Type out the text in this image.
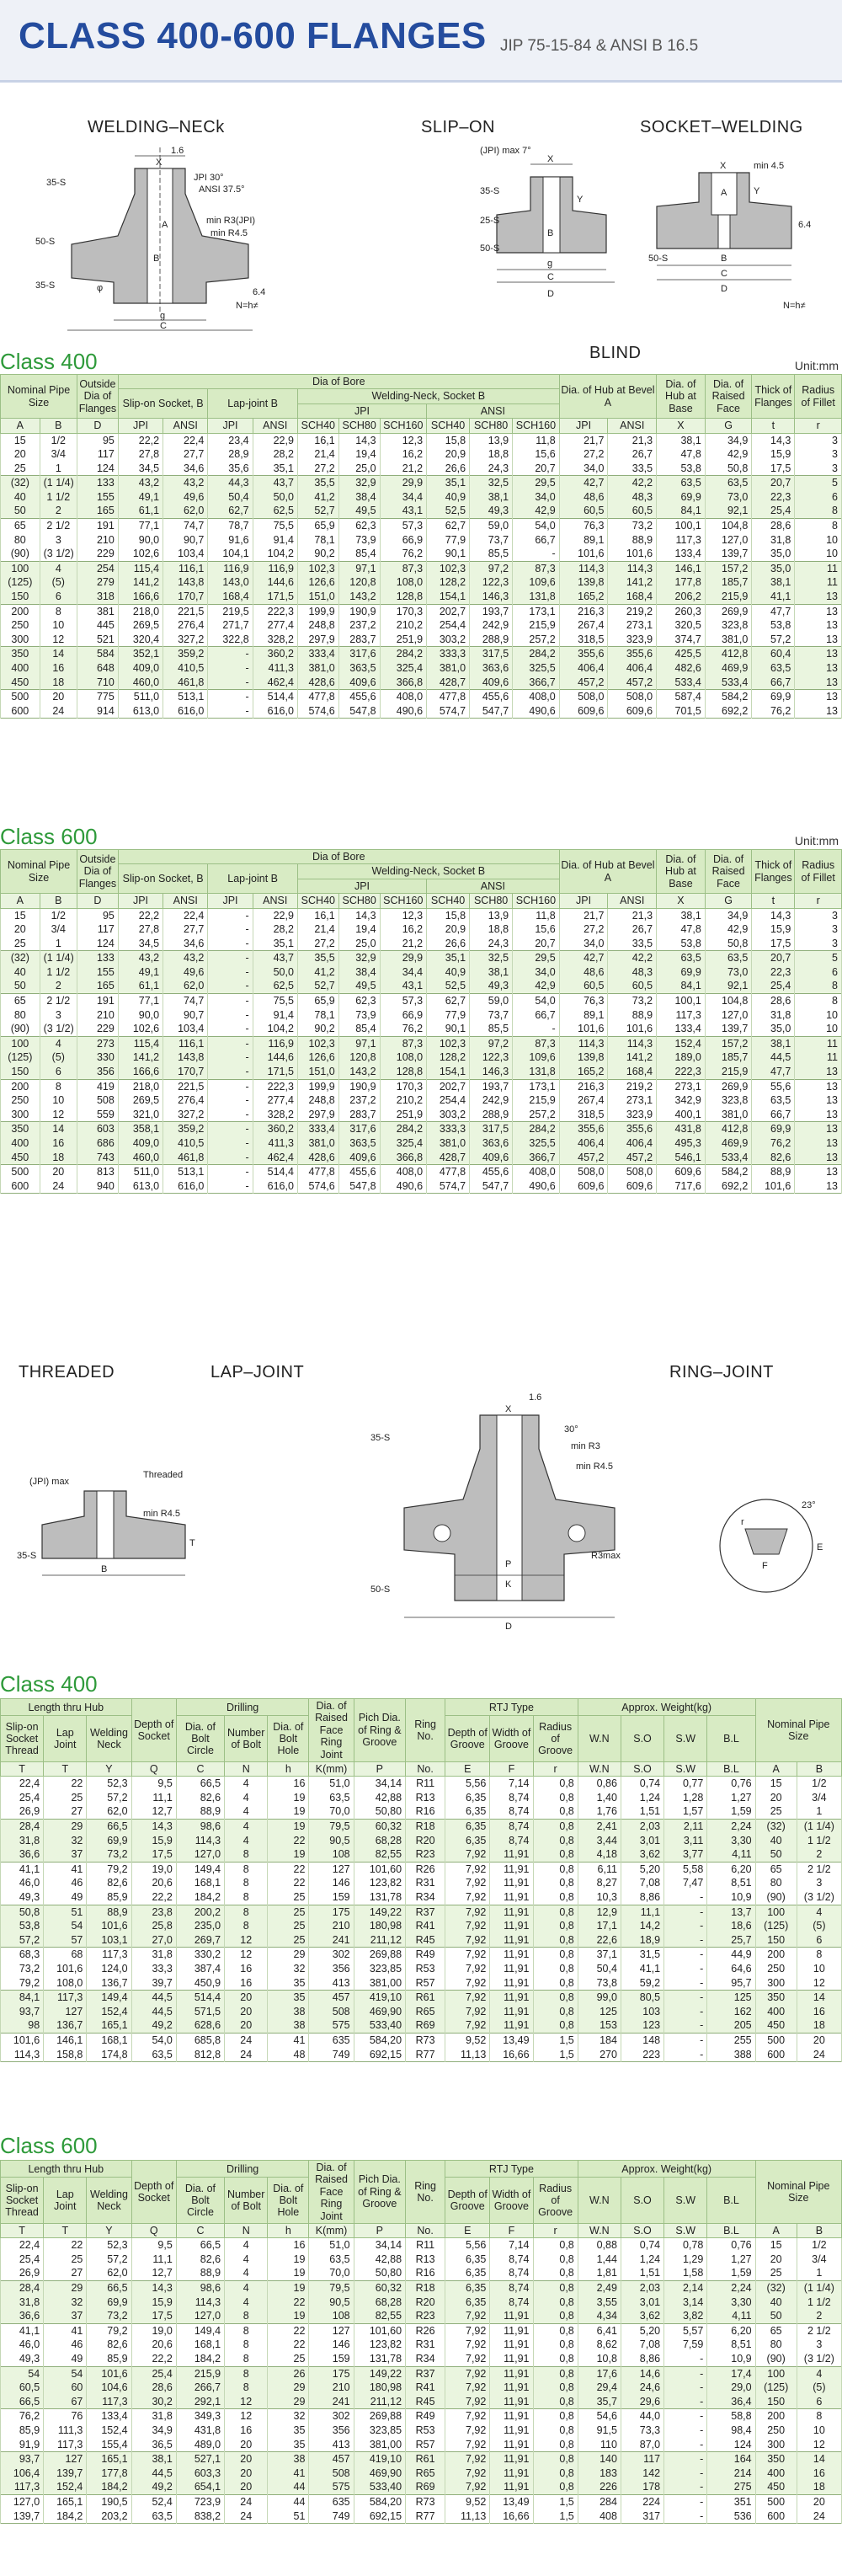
CLASS 400-600 FLANGES JIP 75-15-84 & ANSI B 16.5
WELDING–NECk	SLIP–ON	SOCKET–WELDING
BLIND
1.6
X
JPI 30°
ANSI 37.5°
min R3(JPI)
min R4.5
6.4
N=h≠
50-S
35-S
35-S
A
B
φ
g
C
(JPI) max 7°
X
Y
B
g
C
D
35-S
50-S
25-S
min 4.5
6.4
Y
X
B
A
D
C
N=h≠
50-S
Class 400	Unit:mm
Nominal Pipe Size		Outside Dia of Flanges	Dia of Bore										Dia. of Hub at Bevel A		Dia. of Hub at Base	Dia. of Raised Face	Thick of Flanges	Radius of Fillet
			Slip-on Socket, B		Lap-joint B		Welding-Neck, Socket B											
							JPI			ANSI								
A	B	D	JPI	ANSI	JPI	ANSI	SCH40	SCH80	SCH160	SCH40	SCH80	SCH160	JPI	ANSI	X	G	t	r
15	1/2	95	22,2	22,4	23,4	22,9	16,1	14,3	12,3	15,8	13,9	11,8	21,7	21,3	38,1	34,9	14,3	3
20	3/4	117	27,8	27,7	28,9	28,2	21,4	19,4	16,2	20,9	18,8	15,6	27,2	26,7	47,8	42,9	15,9	3
25	1	124	34,5	34,6	35,6	35,1	27,2	25,0	21,2	26,6	24,3	20,7	34,0	33,5	53,8	50,8	17,5	3
(32)	(1 1/4)	133	43,2	43,2	44,3	43,7	35,5	32,9	29,9	35,1	32,5	29,5	42,7	42,2	63,5	63,5	20,7	5
40	1 1/2	155	49,1	49,6	50,4	50,0	41,2	38,4	34,4	40,9	38,1	34,0	48,6	48,3	69,9	73,0	22,3	6
50	2	165	61,1	62,0	62,7	62,5	52,7	49,5	43,1	52,5	49,3	42,9	60,5	60,5	84,1	92,1	25,4	8
65	2 1/2	191	77,1	74,7	78,7	75,5	65,9	62,3	57,3	62,7	59,0	54,0	76,3	73,2	100,1	104,8	28,6	8
80	3	210	90,0	90,7	91,6	91,4	78,1	73,9	66,9	77,9	73,7	66,7	89,1	88,9	117,3	127,0	31,8	10
(90)	(3 1/2)	229	102,6	103,4	104,1	104,2	90,2	85,4	76,2	90,1	85,5	-	101,6	101,6	133,4	139,7	35,0	10
100	4	254	115,4	116,1	116,9	116,9	102,3	97,1	87,3	102,3	97,2	87,3	114,3	114,3	146,1	157,2	35,0	11
(125)	(5)	279	141,2	143,8	143,0	144,6	126,6	120,8	108,0	128,2	122,3	109,6	139,8	141,2	177,8	185,7	38,1	11
150	6	318	166,6	170,7	168,4	171,5	151,0	143,2	128,8	154,1	146,3	131,8	165,2	168,4	206,2	215,9	41,1	13
200	8	381	218,0	221,5	219,5	222,3	199,9	190,9	170,3	202,7	193,7	173,1	216,3	219,2	260,3	269,9	47,7	13
250	10	445	269,5	276,4	271,7	277,4	248,8	237,2	210,2	254,4	242,9	215,9	267,4	273,1	320,5	323,8	53,8	13
300	12	521	320,4	327,2	322,8	328,2	297,9	283,7	251,9	303,2	288,9	257,2	318,5	323,9	374,7	381,0	57,2	13
350	14	584	352,1	359,2	-	360,2	333,4	317,6	284,2	333,3	317,5	284,2	355,6	355,6	425,5	412,8	60,4	13
400	16	648	409,0	410,5	-	411,3	381,0	363,5	325,4	381,0	363,6	325,5	406,4	406,4	482,6	469,9	63,5	13
450	18	710	460,0	461,8	-	462,4	428,6	409,6	366,8	428,7	409,6	366,7	457,2	457,2	533,4	533,4	66,7	13
500	20	775	511,0	513,1	-	514,4	477,8	455,6	408,0	477,8	455,6	408,0	508,0	508,0	587,4	584,2	69,9	13
600	24	914	613,0	616,0	-	616,0	574,6	547,8	490,6	574,7	547,7	490,6	609,6	609,6	701,5	692,2	76,2	13
Class 600	Unit:mm
Nominal Pipe Size		Outside Dia of Flanges	Dia of Bore										Dia. of Hub at Bevel A		Dia. of Hub at Base	Dia. of Raised Face	Thick of Flanges	Radius of Fillet
			Slip-on Socket, B		Lap-joint B		Welding-Neck, Socket B											
							JPI			ANSI								
A	B	D	JPI	ANSI	JPI	ANSI	SCH40	SCH80	SCH160	SCH40	SCH80	SCH160	JPI	ANSI	X	G	t	r
15	1/2	95	22,2	22,4	-	22,9	16,1	14,3	12,3	15,8	13,9	11,8	21,7	21,3	38,1	34,9	14,3	3
20	3/4	117	27,8	27,7	-	28,2	21,4	19,4	16,2	20,9	18,8	15,6	27,2	26,7	47,8	42,9	15,9	3
25	1	124	34,5	34,6	-	35,1	27,2	25,0	21,2	26,6	24,3	20,7	34,0	33,5	53,8	50,8	17,5	3
(32)	(1 1/4)	133	43,2	43,2	-	43,7	35,5	32,9	29,9	35,1	32,5	29,5	42,7	42,2	63,5	63,5	20,7	5
40	1 1/2	155	49,1	49,6	-	50,0	41,2	38,4	34,4	40,9	38,1	34,0	48,6	48,3	69,9	73,0	22,3	6
50	2	165	61,1	62,0	-	62,5	52,7	49,5	43,1	52,5	49,3	42,9	60,5	60,5	84,1	92,1	25,4	8
65	2 1/2	191	77,1	74,7	-	75,5	65,9	62,3	57,3	62,7	59,0	54,0	76,3	73,2	100,1	104,8	28,6	8
80	3	210	90,0	90,7	-	91,4	78,1	73,9	66,9	77,9	73,7	66,7	89,1	88,9	117,3	127,0	31,8	10
(90)	(3 1/2)	229	102,6	103,4	-	104,2	90,2	85,4	76,2	90,1	85,5	-	101,6	101,6	133,4	139,7	35,0	10
100	4	273	115,4	116,1	-	116,9	102,3	97,1	87,3	102,3	97,2	87,3	114,3	114,3	152,4	157,2	38,1	11
(125)	(5)	330	141,2	143,8	-	144,6	126,6	120,8	108,0	128,2	122,3	109,6	139,8	141,2	189,0	185,7	44,5	11
150	6	356	166,6	170,7	-	171,5	151,0	143,2	128,8	154,1	146,3	131,8	165,2	168,4	222,3	215,9	47,7	13
200	8	419	218,0	221,5	-	222,3	199,9	190,9	170,3	202,7	193,7	173,1	216,3	219,2	273,1	269,9	55,6	13
250	10	508	269,5	276,4	-	277,4	248,8	237,2	210,2	254,4	242,9	215,9	267,4	273,1	342,9	323,8	63,5	13
300	12	559	321,0	327,2	-	328,2	297,9	283,7	251,9	303,2	288,9	257,2	318,5	323,9	400,1	381,0	66,7	13
350	14	603	358,1	359,2	-	360,2	333,4	317,6	284,2	333,3	317,5	284,2	355,6	355,6	431,8	412,8	69,9	13
400	16	686	409,0	410,5	-	411,3	381,0	363,5	325,4	381,0	363,6	325,5	406,4	406,4	495,3	469,9	76,2	13
450	18	743	460,0	461,8	-	462,4	428,6	409,6	366,8	428,7	409,6	366,7	457,2	457,2	546,1	533,4	82,6	13
500	20	813	511,0	513,1	-	514,4	477,8	455,6	408,0	477,8	455,6	408,0	508,0	508,0	609,6	584,2	88,9	13
600	24	940	613,0	616,0	-	616,0	574,6	547,8	490,6	574,7	547,7	490,6	609,6	609,6	717,6	692,2	101,6	13
THREADED	LAP–JOINT	RING–JOINT
(JPI) max
Threaded
min R4.5
35-S
B
T
1.6
30°
min R3
min R4.5
R3max
35-S
50-S
P
K
D
X
23°
F
E
r
Class 400
Length thru Hub			Depth of Socket	Drilling			Dia. of Raised Face Ring Joint	Pich Dia. of Ring & Groove	Ring No.	RTJ Type			Approx. Weight(kg)				Nominal Pipe Size	
Slip-on Socket Thread	Lap Joint	Welding Neck		Dia. of Bolt Circle	Number of Bolt	Dia. of Bolt Hole				Depth of Groove	Width of Groove	Radius of Groove	W.N	S.O	S.W	B.L		
T	T	Y	Q	C	N	h	K(mm)	P	No.	E	F	r	W.N	S.O	S.W	B.L	A	B
22,4	22	52,3	9,5	66,5	4	16	51,0	34,14	R11	5,56	7,14	0,8	0,86	0,74	0,77	0,76	15	1/2
25,4	25	57,2	11,1	82,6	4	19	63,5	42,88	R13	6,35	8,74	0,8	1,40	1,24	1,28	1,27	20	3/4
26,9	27	62,0	12,7	88,9	4	19	70,0	50,80	R16	6,35	8,74	0,8	1,76	1,51	1,57	1,59	25	1
28,4	29	66,5	14,3	98,6	4	19	79,5	60,32	R18	6,35	8,74	0,8	2,41	2,03	2,11	2,24	(32)	(1 1/4)
31,8	32	69,9	15,9	114,3	4	22	90,5	68,28	R20	6,35	8,74	0,8	3,44	3,01	3,11	3,30	40	1 1/2
36,6	37	73,2	17,5	127,0	8	19	108	82,55	R23	7,92	11,91	0,8	4,18	3,62	3,77	4,11	50	2
41,1	41	79,2	19,0	149,4	8	22	127	101,60	R26	7,92	11,91	0,8	6,11	5,20	5,58	6,20	65	2 1/2
46,0	46	82,6	20,6	168,1	8	22	146	123,82	R31	7,92	11,91	0,8	8,27	7,08	7,47	8,51	80	3
49,3	49	85,9	22,2	184,2	8	25	159	131,78	R34	7,92	11,91	0,8	10,3	8,86	-	10,9	(90)	(3 1/2)
50,8	51	88,9	23,8	200,2	8	25	175	149,22	R37	7,92	11,91	0,8	12,9	11,1	-	13,7	100	4
53,8	54	101,6	25,8	235,0	8	25	210	180,98	R41	7,92	11,91	0,8	17,1	14,2	-	18,6	(125)	(5)
57,2	57	103,1	27,0	269,7	12	25	241	211,12	R45	7,92	11,91	0,8	22,6	18,9	-	25,7	150	6
68,3	68	117,3	31,8	330,2	12	29	302	269,88	R49	7,92	11,91	0,8	37,1	31,5	-	44,9	200	8
73,2	101,6	124,0	33,3	387,4	16	32	356	323,85	R53	7,92	11,91	0,8	50,4	41,1	-	64,6	250	10
79,2	108,0	136,7	39,7	450,9	16	35	413	381,00	R57	7,92	11,91	0,8	73,8	59,2	-	95,7	300	12
84,1	117,3	149,4	44,5	514,4	20	35	457	419,10	R61	7,92	11,91	0,8	99,0	80,5	-	125	350	14
93,7	127	152,4	44,5	571,5	20	38	508	469,90	R65	7,92	11,91	0,8	125	103	-	162	400	16
98	136,7	165,1	49,2	628,6	20	38	575	533,40	R69	7,92	11,91	0,8	153	123	-	205	450	18
101,6	146,1	168,1	54,0	685,8	24	41	635	584,20	R73	9,52	13,49	1,5	184	148	-	255	500	20
114,3	158,8	174,8	63,5	812,8	24	48	749	692,15	R77	11,13	16,66	1,5	270	223	-	388	600	24
Class 600
Length thru Hub			Depth of Socket	Drilling			Dia. of Raised Face Ring Joint	Pich Dia. of Ring & Groove	Ring No.	RTJ Type			Approx. Weight(kg)				Nominal Pipe Size	
Slip-on Socket Thread	Lap Joint	Welding Neck		Dia. of Bolt Circle	Number of Bolt	Dia. of Bolt Hole				Depth of Groove	Width of Groove	Radius of Groove	W.N	S.O	S.W	B.L		
T	T	Y	Q	C	N	h	K(mm)	P	No.	E	F	r	W.N	S.O	S.W	B.L	A	B
22,4	22	52,3	9,5	66,5	4	16	51,0	34,14	R11	5,56	7,14	0,8	0,88	0,74	0,78	0,76	15	1/2
25,4	25	57,2	11,1	82,6	4	19	63,5	42,88	R13	6,35	8,74	0,8	1,44	1,24	1,29	1,27	20	3/4
26,9	27	62,0	12,7	88,9	4	19	70,0	50,80	R16	6,35	8,74	0,8	1,81	1,51	1,58	1,59	25	1
28,4	29	66,5	14,3	98,6	4	19	79,5	60,32	R18	6,35	8,74	0,8	2,49	2,03	2,14	2,24	(32)	(1 1/4)
31,8	32	69,9	15,9	114,3	4	22	90,5	68,28	R20	6,35	8,74	0,8	3,55	3,01	3,14	3,30	40	1 1/2
36,6	37	73,2	17,5	127,0	8	19	108	82,55	R23	7,92	11,91	0,8	4,34	3,62	3,82	4,11	50	2
41,1	41	79,2	19,0	149,4	8	22	127	101,60	R26	7,92	11,91	0,8	6,41	5,20	5,57	6,20	65	2 1/2
46,0	46	82,6	20,6	168,1	8	22	146	123,82	R31	7,92	11,91	0,8	8,62	7,08	7,59	8,51	80	3
49,3	49	85,9	22,2	184,2	8	25	159	131,78	R34	7,92	11,91	0,8	10,8	8,86	-	10,9	(90)	(3 1/2)
54	54	101,6	25,4	215,9	8	26	175	149,22	R37	7,92	11,91	0,8	17,6	14,6	-	17,4	100	4
60,5	60	104,6	28,6	266,7	8	29	210	180,98	R41	7,92	11,91	0,8	29,4	24,6	-	29,0	(125)	(5)
66,5	67	117,3	30,2	292,1	12	29	241	211,12	R45	7,92	11,91	0,8	35,7	29,6	-	36,4	150	6
76,2	76	133,4	31,8	349,3	12	32	302	269,88	R49	7,92	11,91	0,8	54,6	44,0	-	58,8	200	8
85,9	111,3	152,4	34,9	431,8	16	35	356	323,85	R53	7,92	11,91	0,8	91,5	73,3	-	98,4	250	10
91,9	117,3	155,4	36,5	489,0	20	35	413	381,00	R57	7,92	11,91	0,8	110	87,0	-	124	300	12
93,7	127	165,1	38,1	527,1	20	38	457	419,10	R61	7,92	11,91	0,8	140	117	-	164	350	14
106,4	139,7	177,8	44,5	603,3	20	41	508	469,90	R65	7,92	11,91	0,8	183	142	-	214	400	16
117,3	152,4	184,2	49,2	654,1	20	44	575	533,40	R69	7,92	11,91	0,8	226	178	-	275	450	18
127,0	165,1	190,5	52,4	723,9	24	44	635	584,20	R73	9,52	13,49	1,5	284	224	-	351	500	20
139,7	184,2	203,2	63,5	838,2	24	51	749	692,15	R77	11,13	16,66	1,5	408	317	-	536	600	24
